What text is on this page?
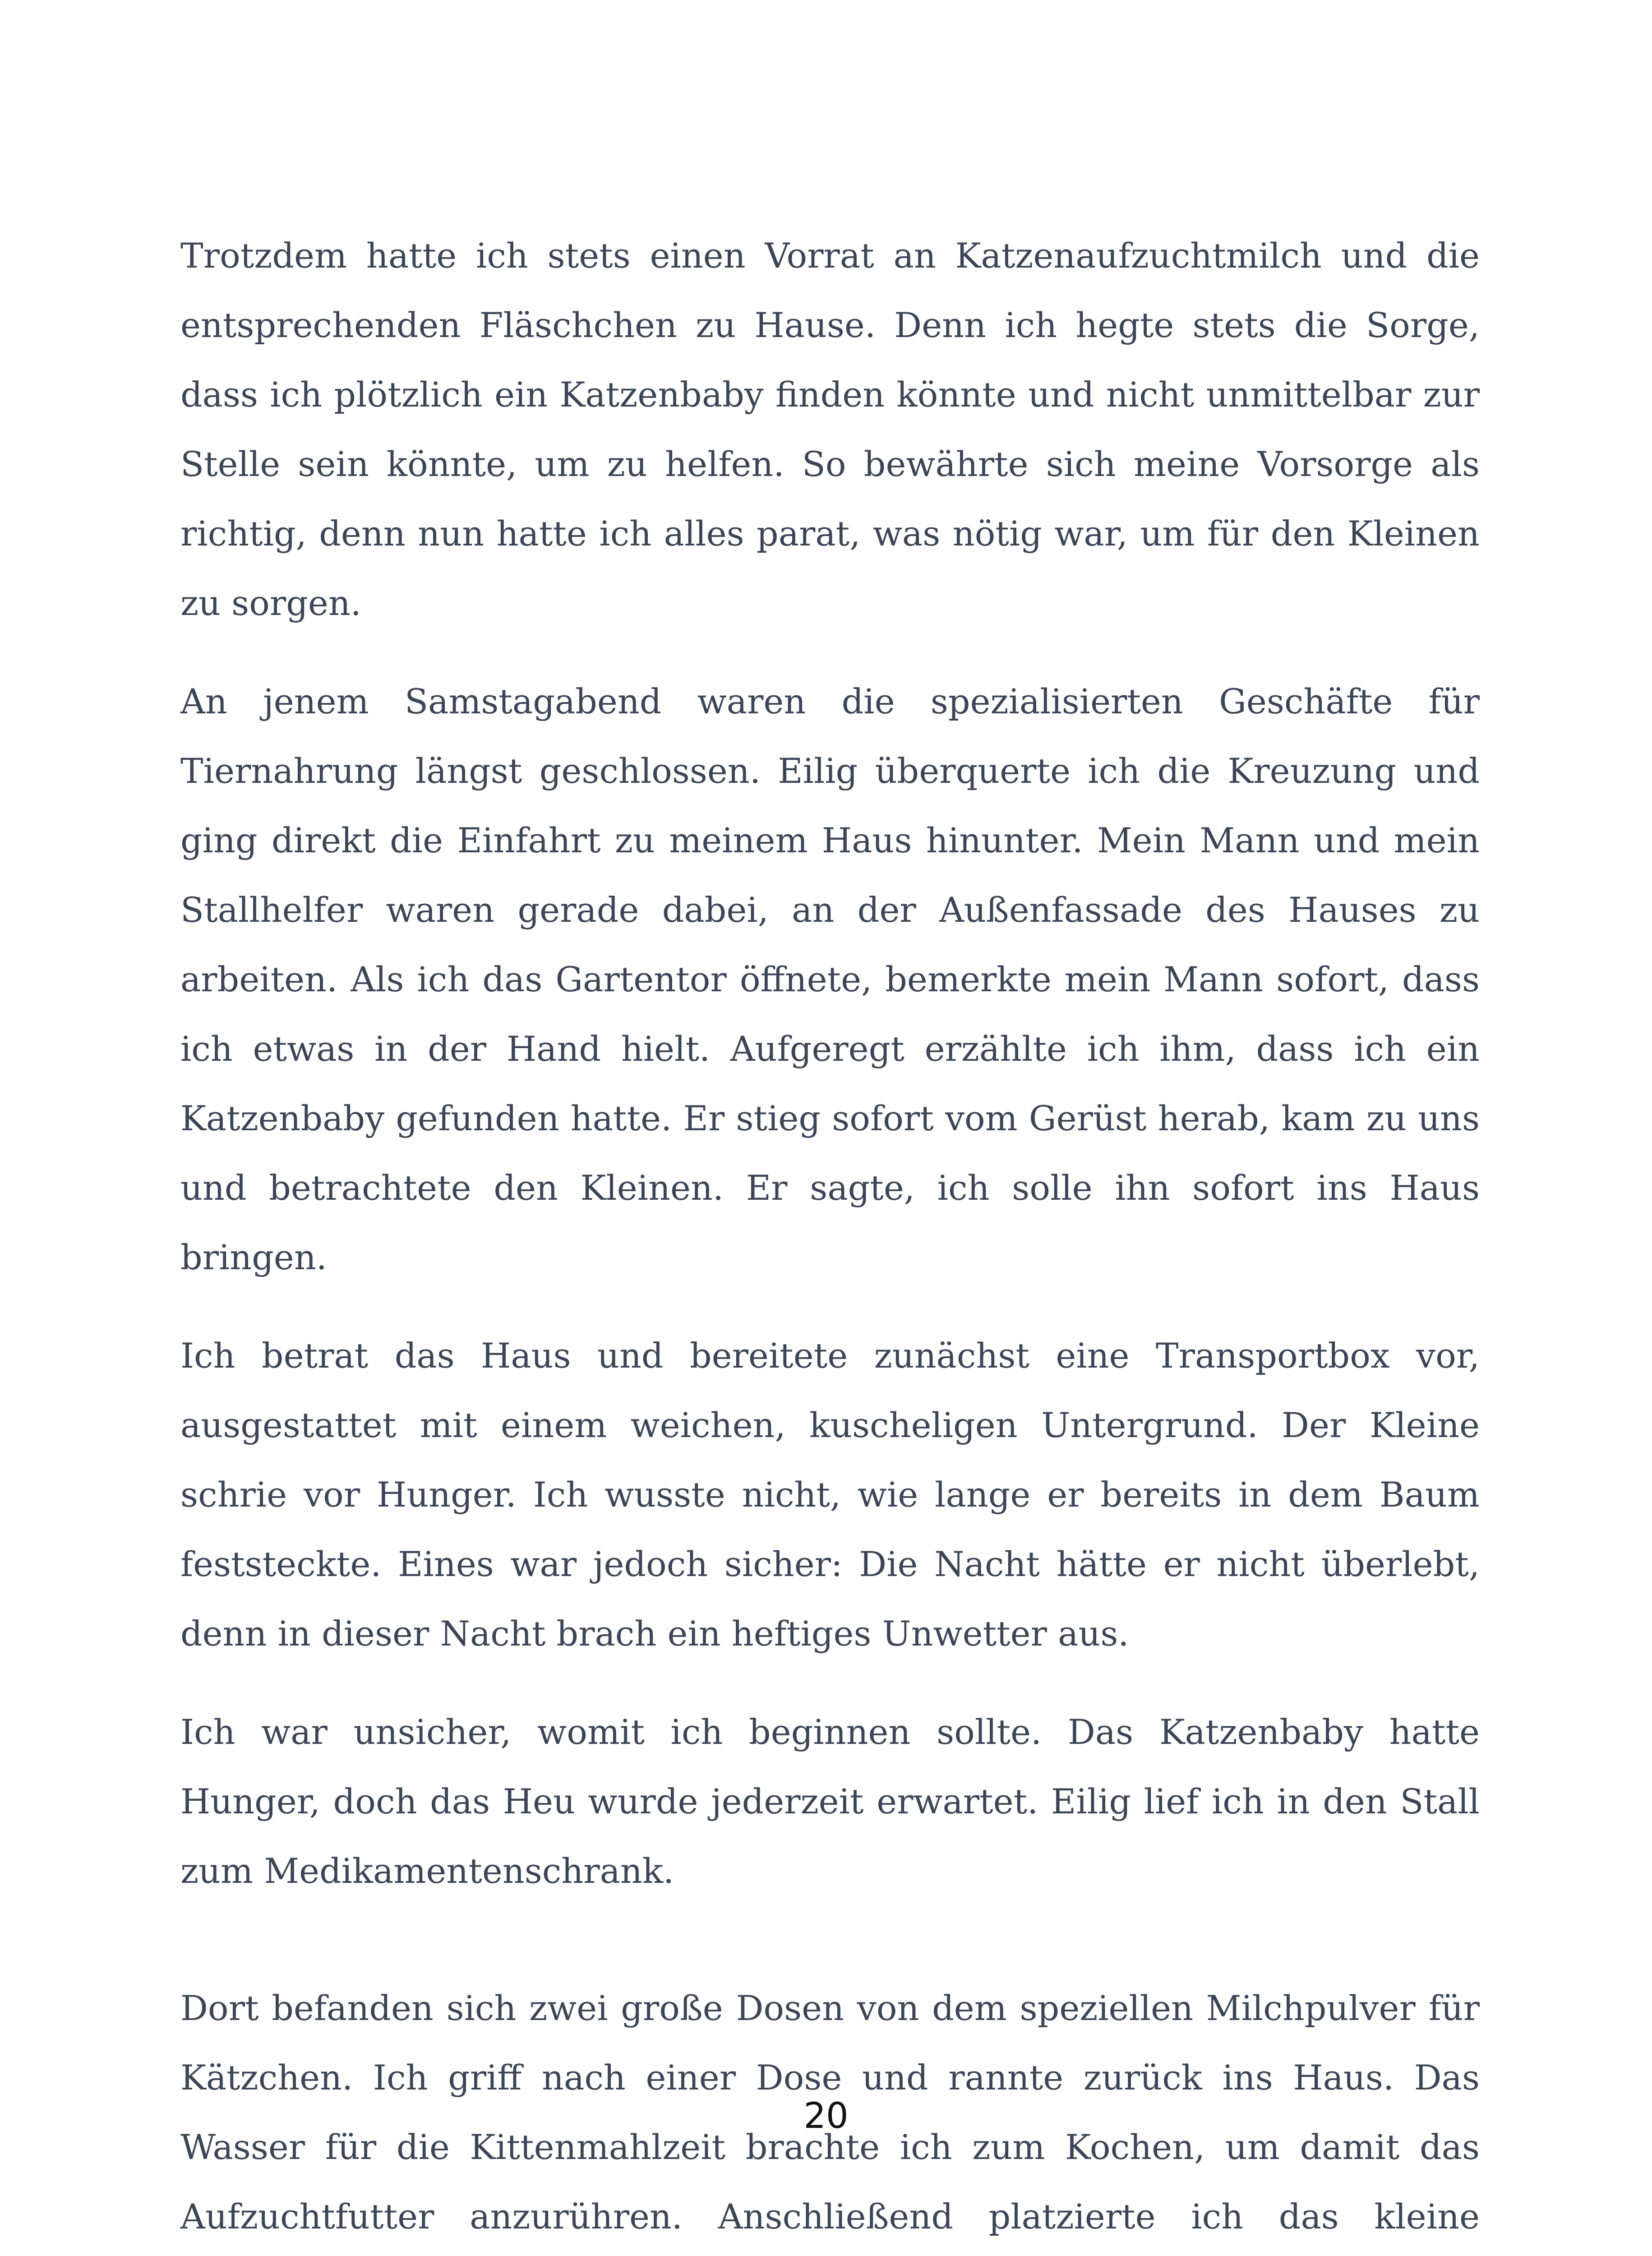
Trotzdem hatte ich stets einen Vorrat an Katzenaufzuchtmilch und die entsprechenden Fläschchen zu Hause. Denn ich hegte stets die Sorge, dass ich plötzlich ein Katzenbaby finden könnte und nicht unmittelbar zur Stelle sein könnte, um zu helfen. So bewährte sich meine Vorsorge als richtig, denn nun hatte ich alles parat, was nötig war, um für den Kleinen zu sorgen.

An jenem Samstagabend waren die spezialisierten Geschäfte für Tiernahrung längst geschlossen. Eilig überquerte ich die Kreuzung und ging direkt die Einfahrt zu meinem Haus hinunter. Mein Mann und mein Stallhelfer waren gerade dabei, an der Außenfassade des Hauses zu arbeiten. Als ich das Gartentor öffnete, bemerkte mein Mann sofort, dass ich etwas in der Hand hielt. Aufgeregt erzählte ich ihm, dass ich ein Katzenbaby gefunden hatte. Er stieg sofort vom Gerüst herab, kam zu uns und betrachtete den Kleinen. Er sagte, ich solle ihn sofort ins Haus bringen.

Ich betrat das Haus und bereitete zunächst eine Transportbox vor, ausgestattet mit einem weichen, kuscheligen Untergrund. Der Kleine schrie vor Hunger. Ich wusste nicht, wie lange er bereits in dem Baum feststeckte. Eines war jedoch sicher: Die Nacht hätte er nicht überlebt, denn in dieser Nacht brach ein heftiges Unwetter aus.

Ich war unsicher, womit ich beginnen sollte. Das Katzenbaby hatte Hunger, doch das Heu wurde jederzeit erwartet. Eilig lief ich in den Stall zum Medikamentenschrank.

Dort befanden sich zwei große Dosen von dem speziellen Milchpulver für Kätzchen. Ich griff nach einer Dose und rannte zurück ins Haus. Das Wasser für die Kittenmahlzeit brachte ich zum Kochen, um damit das Aufzuchtfutter anzurühren. Anschließend platzierte ich das kleine

20
